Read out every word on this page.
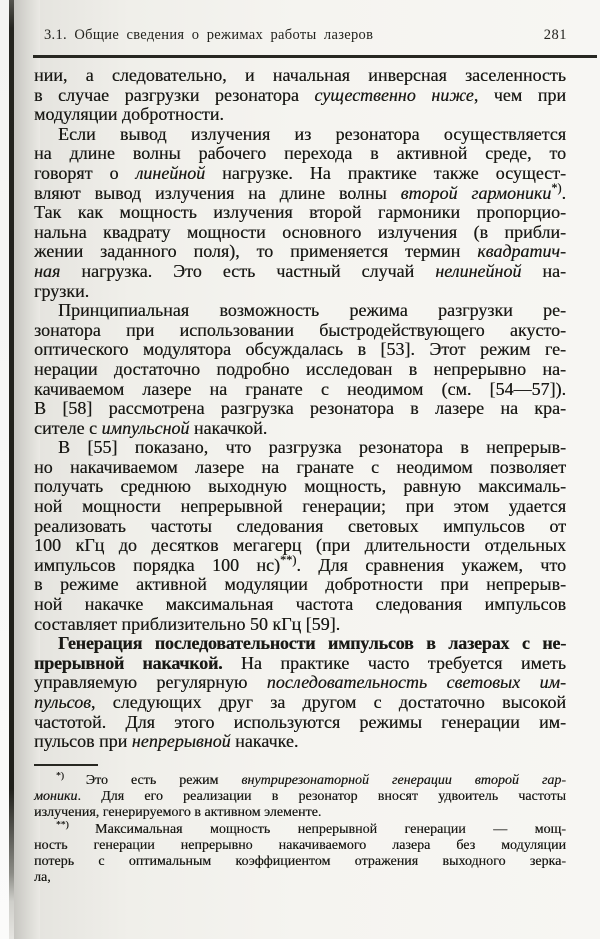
3.1. Общие сведения о режимах работы лазеров	281
нии, а следовательно, и начальная инверсная заселенность
в случае разгрузки резонатора существенно ниже, чем при
модуляции добротности.
Если вывод излучения из резонатора осуществляется
на длине волны рабочего перехода в активной среде, то
говорят о линейной нагрузке. На практике также осущест-
вляют вывод излучения на длине волны второй гармоники*).
Так как мощность излучения второй гармоники пропорцио-
нальна квадрату мощности основного излучения (в прибли-
жении заданного поля), то применяется термин квадратич-
ная нагрузка. Это есть частный случай нелинейной на-
грузки.
Принципиальная возможность режима разгрузки ре-
зонатора при использовании быстродействующего акусто-
оптического модулятора обсуждалась в [53]. Этот режим ге-
нерации достаточно подробно исследован в непрерывно на-
качиваемом лазере на гранате с неодимом (см. [54—57]).
В [58] рассмотрена разгрузка резонатора в лазере на кра-
сителе с импульсной накачкой.
В [55] показано, что разгрузка резонатора в непрерыв-
но накачиваемом лазере на гранате с неодимом позволяет
получать среднюю выходную мощность, равную максималь-
ной мощности непрерывной генерации; при этом удается
реализовать частоты следования световых импульсов от
100 кГц до десятков мегагерц (при длительности отдельных
импульсов порядка 100 нс)**). Для сравнения укажем, что
в режиме активной модуляции добротности при непрерыв-
ной накачке максимальная частота следования импульсов
составляет приблизительно 50 кГц [59].
Генерация последовательности импульсов в лазерах с не-
прерывной накачкой. На практике часто требуется иметь
управляемую регулярную последовательность световых им-
пульсов, следующих друг за другом с достаточно высокой
частотой. Для этого используются режимы генерации им-
пульсов при непрерывной накачке.
*) Это есть режим внутрирезонаторной генерации второй гар-
моники. Для его реализации в резонатор вносят удвоитель частоты
излучения, генерируемого в активном элементе.
**) Максимальная мощность непрерывной генерации — мощ-
ность генерации непрерывно накачиваемого лазера без модуляции
потерь с оптимальным коэффициентом отражения выходного зерка-
ла,
